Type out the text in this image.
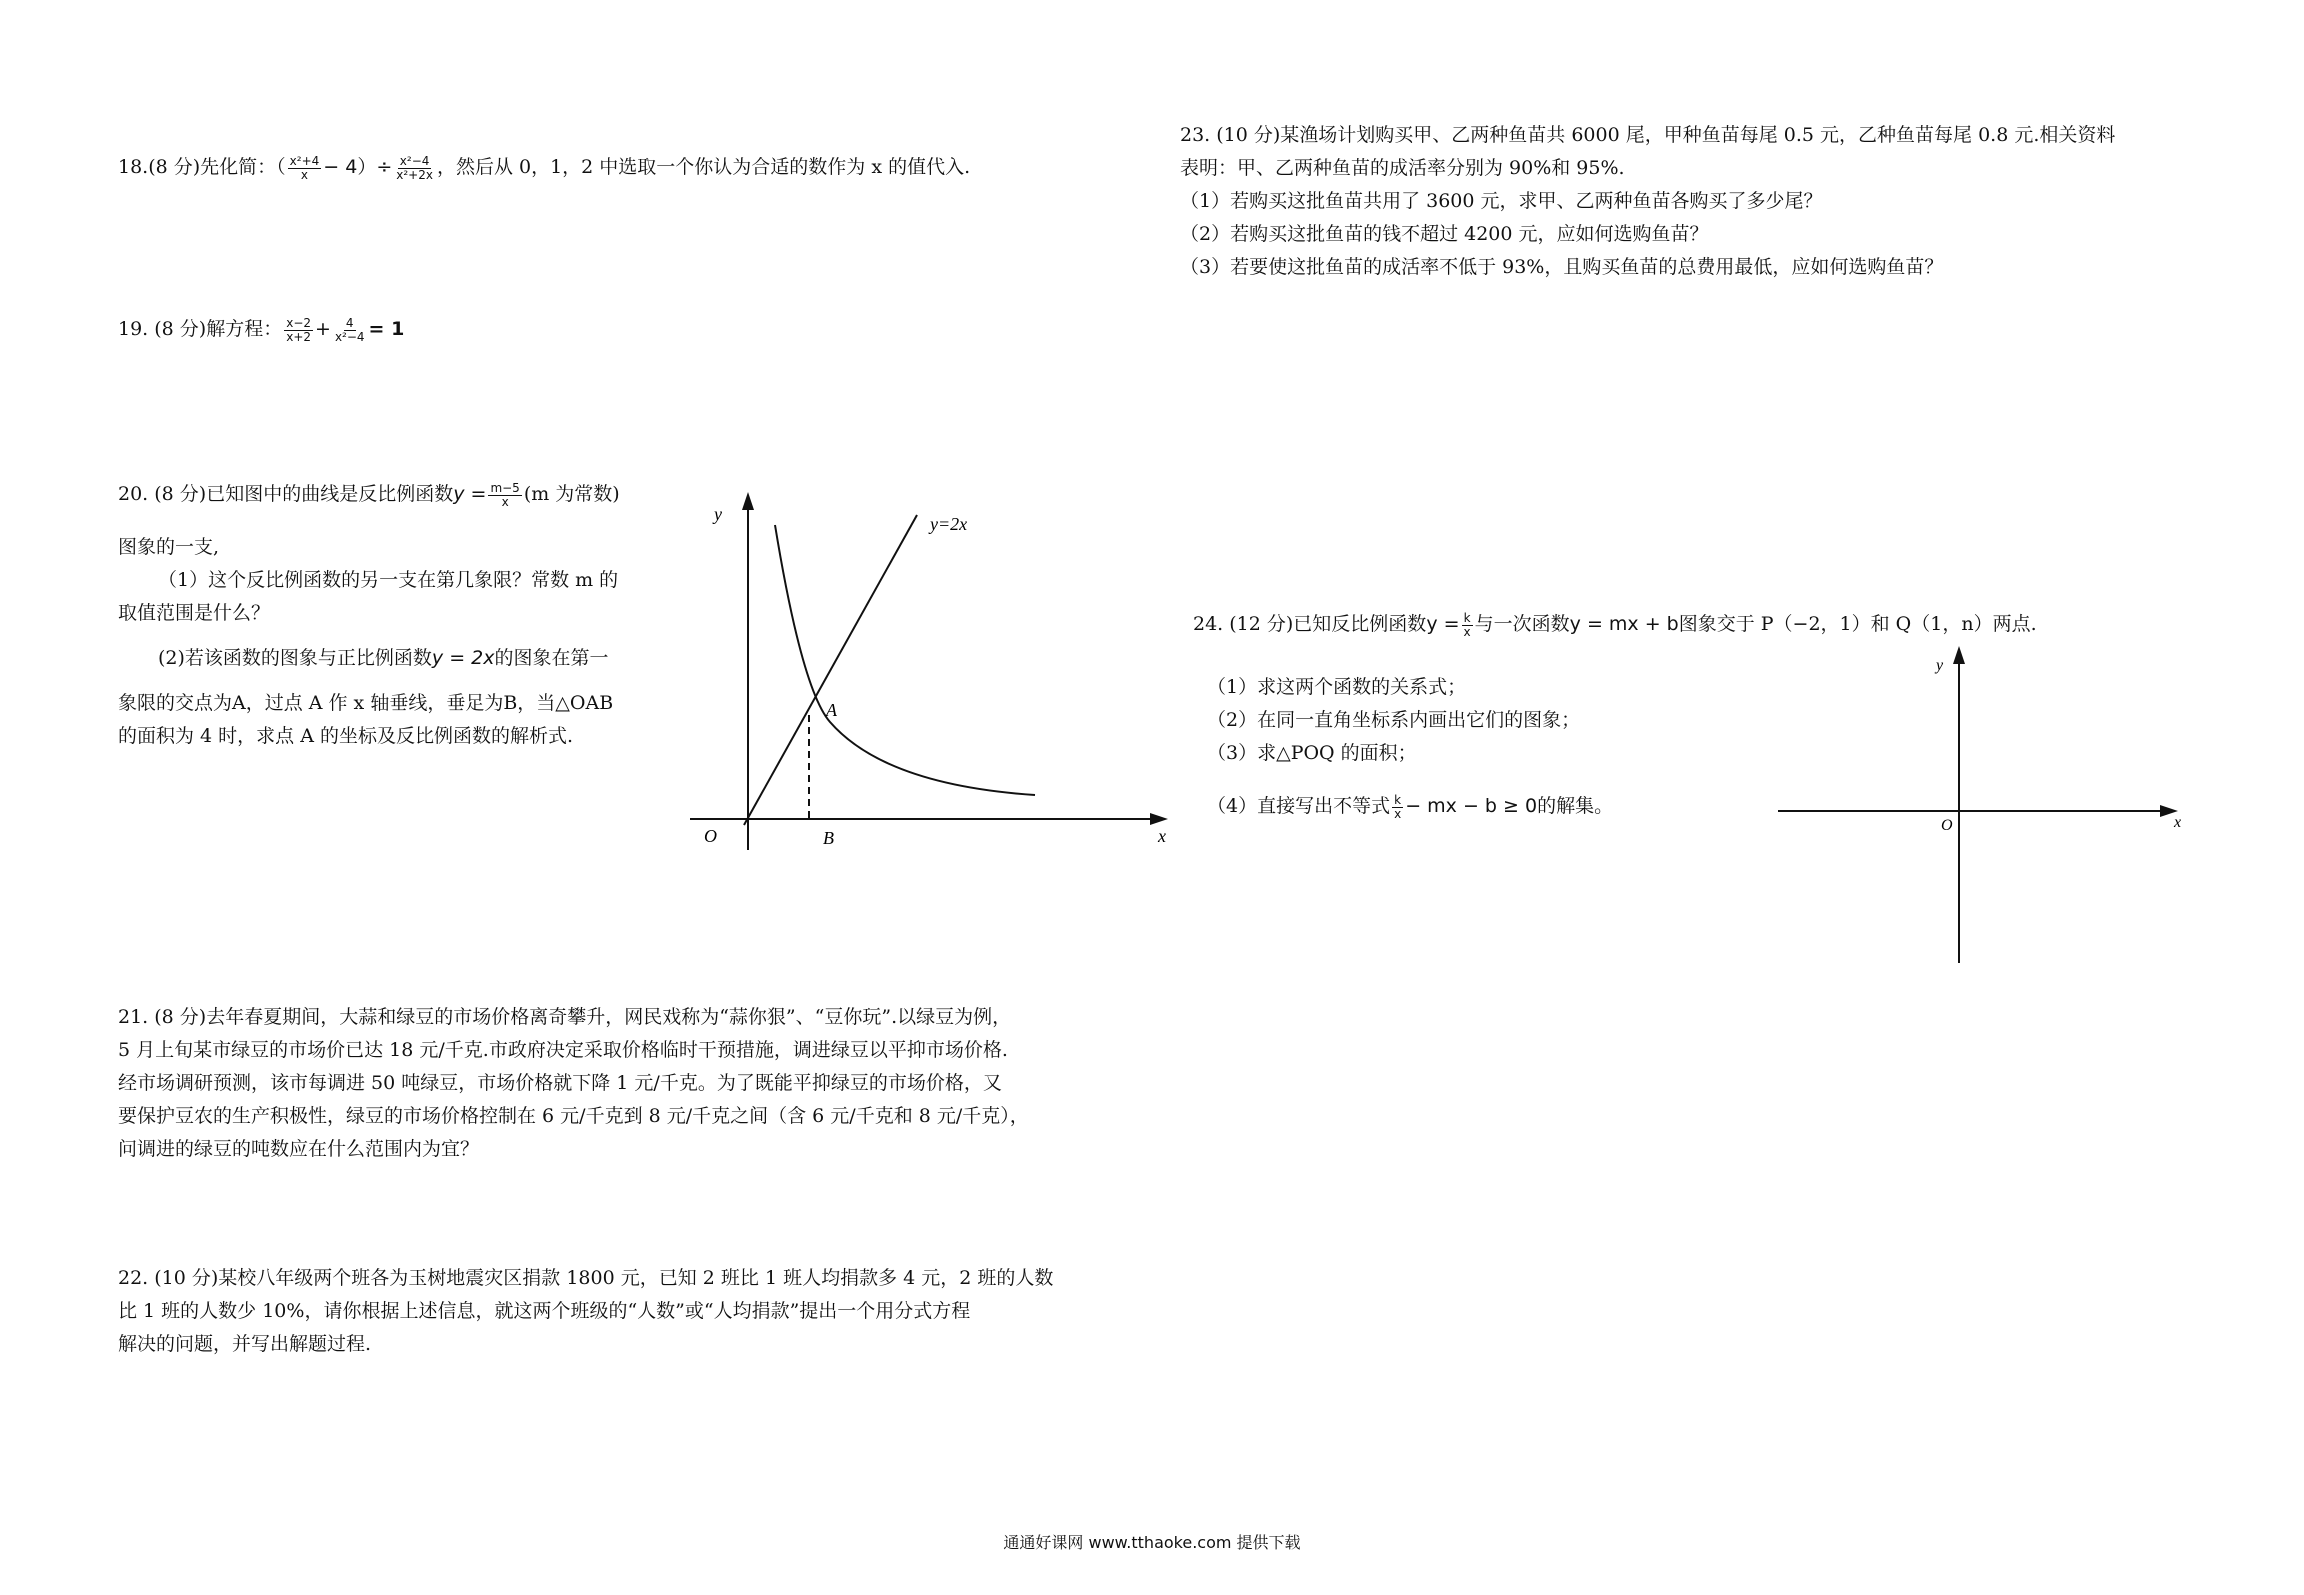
18.(8 分)先化简：（ $\frac{\text{x²+4}}{x} - 4)\div \frac{\text{x²−4}}{\text{x²+2x}}$ ，然后从 0，1，2 中选取一个你认为合适的数作为 x 的值代入.
19. (8 分)解方程： $\frac{x-2}{x+2} + \frac{4}{\text{x²−4}} = 1$
20. (8 分)已知图中的曲线是反比例函数$y = \frac{m-5}{x} (m$ 为常数)
图象的一支,
（1）这个反比例函数的另一支在第几象限？常数 m 的
取值范围是什么？
(2)若该函数的图象与正比例函数y = 2x的图象在第一
象限的交点为A，过点 A 作 x 轴垂线，垂足为B，当△OAB
的面积为 4 时，求点 A 的坐标及反比例函数的解析式.
y
x
O
y=2x
A
B
21. (8 分)去年春夏期间，大蒜和绿豆的市场价格离奇攀升，网民戏称为“蒜你狠”、“豆你玩”.以绿豆为例，
5 月上旬某市绿豆的市场价已达 18 元/千克.市政府决定采取价格临时干预措施，调进绿豆以平抑市场价格.
经市场调研预测，该市每调进 50 吨绿豆，市场价格就下降 1 元/千克。为了既能平抑绿豆的市场价格，又
要保护豆农的生产积极性，绿豆的市场价格控制在 6 元/千克到 8 元/千克之间（含 6 元/千克和 8 元/千克），
问调进的绿豆的吨数应在什么范围内为宜？
22. (10 分)某校八年级两个班各为玉树地震灾区捐款 1800 元，已知 2 班比 1 班人均捐款多 4 元，2 班的人数
比 1 班的人数少 10%，请你根据上述信息，就这两个班级的“人数”或“人均捐款”提出一个用分式方程
解决的问题，并写出解题过程.
23. (10 分)某渔场计划购买甲、乙两种鱼苗共 6000 尾，甲种鱼苗每尾 0.5 元，乙种鱼苗每尾 0.8 元.相关资料
表明：甲、乙两种鱼苗的成活率分别为 90%和 95%.
（1）若购买这批鱼苗共用了 3600 元，求甲、乙两种鱼苗各购买了多少尾？
（2）若购买这批鱼苗的钱不超过 4200 元，应如何选购鱼苗？
（3）若要使这批鱼苗的成活率不低于 93%，且购买鱼苗的总费用最低，应如何选购鱼苗？
24. (12 分)已知反比例函数$y = \frac{k}{x}$ 与一次函数y = mx + b图象交于 P（−2，1）和 Q（1，n）两点.
（1）求这两个函数的关系式；
（2）在同一直角坐标系内画出它们的图象；
（3）求△POQ 的面积；
（4）直接写出不等式 $\frac{k}{x}$ − mx − b ≥ 0的解集。
y
x
O
通通好课网 www.tthaoke.com 提供下载
